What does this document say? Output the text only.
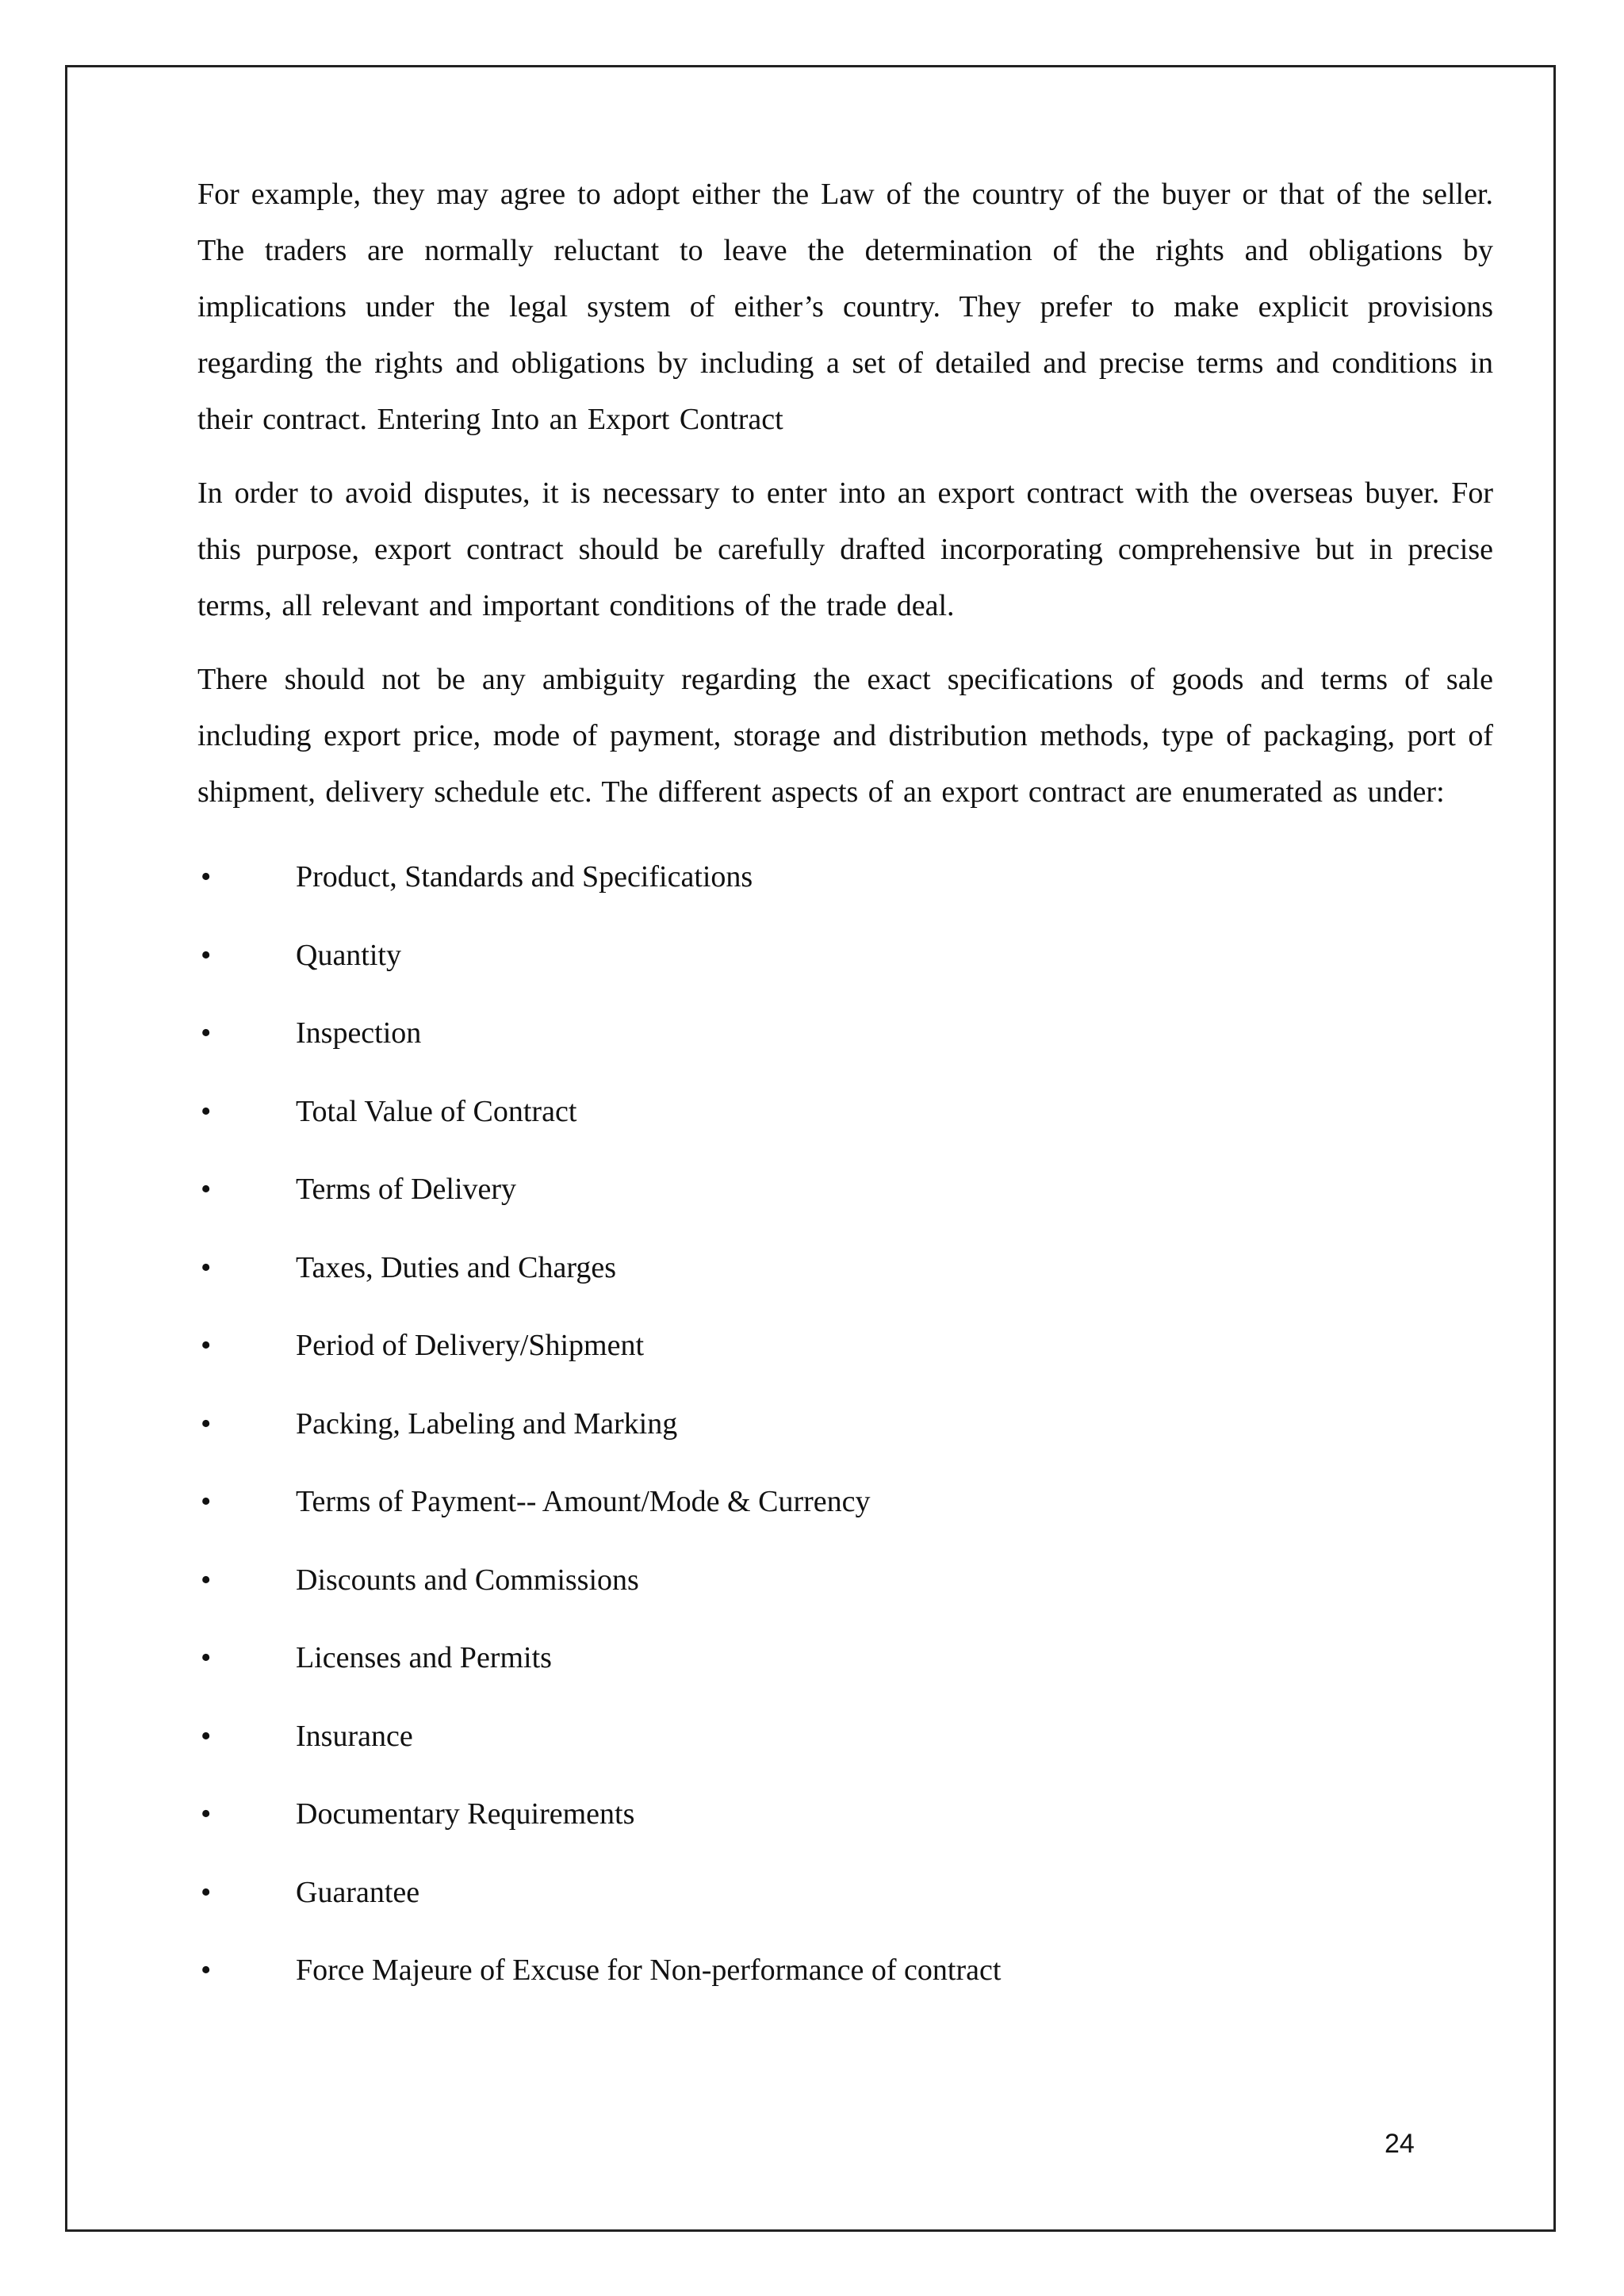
For example, they may agree to adopt either the Law of the country of the buyer or that of the seller. The traders are normally reluctant to leave the determination of the rights and obligations by implications under the legal system of either’s country. They prefer to make explicit provisions regarding the rights and obligations by including a set of detailed and precise terms and conditions in their contract. Entering Into an Export Contract

In order to avoid disputes, it is necessary to enter into an export contract with the overseas buyer. For this purpose, export contract should be carefully drafted incorporating comprehensive but in precise terms, all relevant and important conditions of the trade deal.

There should not be any ambiguity regarding the exact specifications of goods and terms of sale including export price, mode of payment, storage and distribution methods, type of packaging, port of shipment, delivery schedule etc. The different aspects of an export contract are enumerated as under:

•	Product, Standards and Specifications
•	Quantity
•	Inspection
•	Total Value of Contract
•	Terms of Delivery
•	Taxes, Duties and Charges
•	Period of Delivery/Shipment
•	Packing, Labeling and Marking
•	Terms of Payment-- Amount/Mode & Currency
•	Discounts and Commissions
•	Licenses and Permits
•	Insurance
•	Documentary Requirements
•	Guarantee
•	Force Majeure of Excuse for Non-performance of contract
24
